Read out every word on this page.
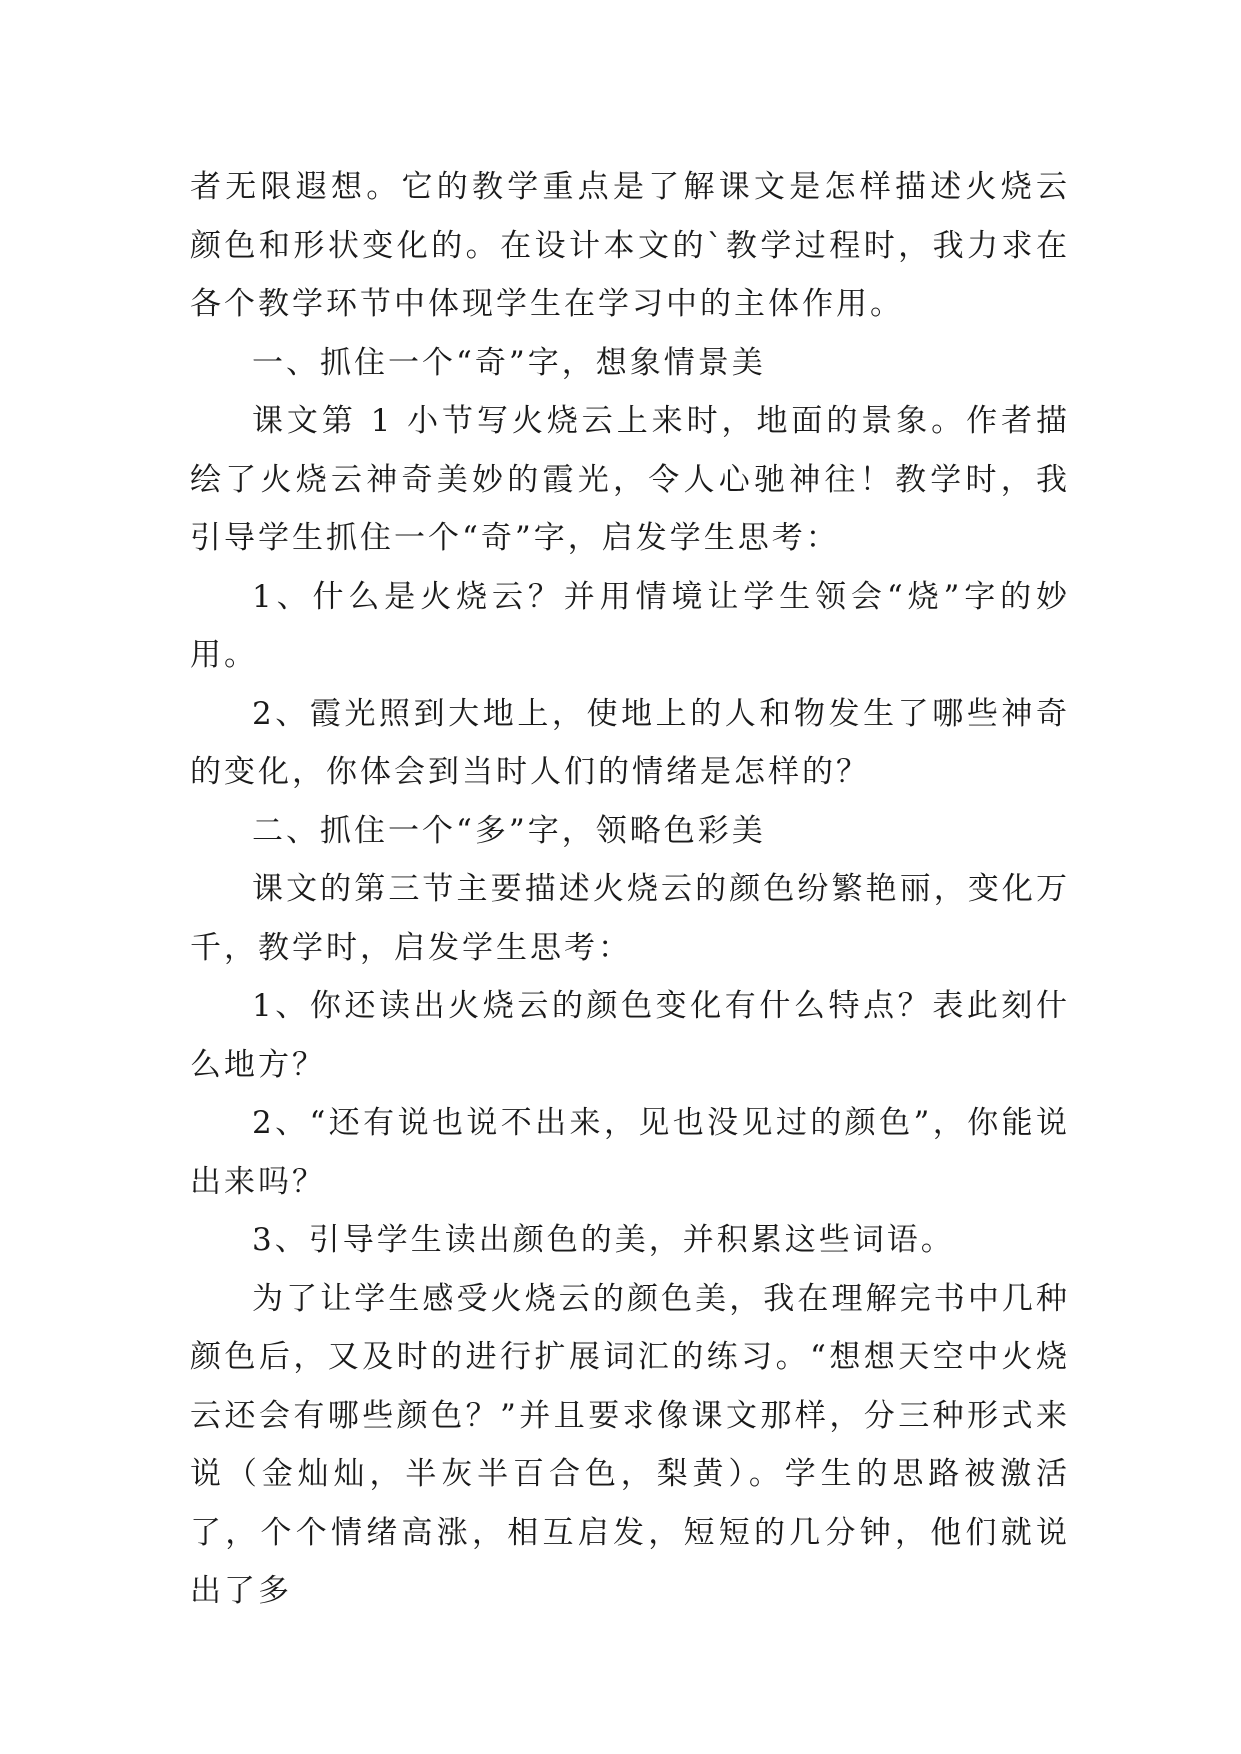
者无限遐想。它的教学重点是了解课文是怎样描述火烧云颜色和形状变化的。在设计本文的`教学过程时，我力求在各个教学环节中体现学生在学习中的主体作用。

一、抓住一个“奇”字，想象情景美

课文第 1 小节写火烧云上来时，地面的景象。作者描绘了火烧云神奇美妙的霞光，令人心驰神往！教学时，我引导学生抓住一个“奇”字，启发学生思考：

1、什么是火烧云？并用情境让学生领会“烧”字的妙用。

2、霞光照到大地上，使地上的人和物发生了哪些神奇的变化，你体会到当时人们的情绪是怎样的？

二、抓住一个“多”字，领略色彩美

课文的第三节主要描述火烧云的颜色纷繁艳丽，变化万千，教学时，启发学生思考：

1、你还读出火烧云的颜色变化有什么特点？表此刻什么地方？

2、“还有说也说不出来，见也没见过的颜色”，你能说出来吗？

3、引导学生读出颜色的美，并积累这些词语。

为了让学生感受火烧云的颜色美，我在理解完书中几种颜色后，又及时的进行扩展词汇的练习。“想想天空中火烧云还会有哪些颜色？”并且要求像课文那样，分三种形式来说（金灿灿，半灰半百合色，梨黄）。学生的思路被激活了，个个情绪高涨，相互启发，短短的几分钟，他们就说出了多
